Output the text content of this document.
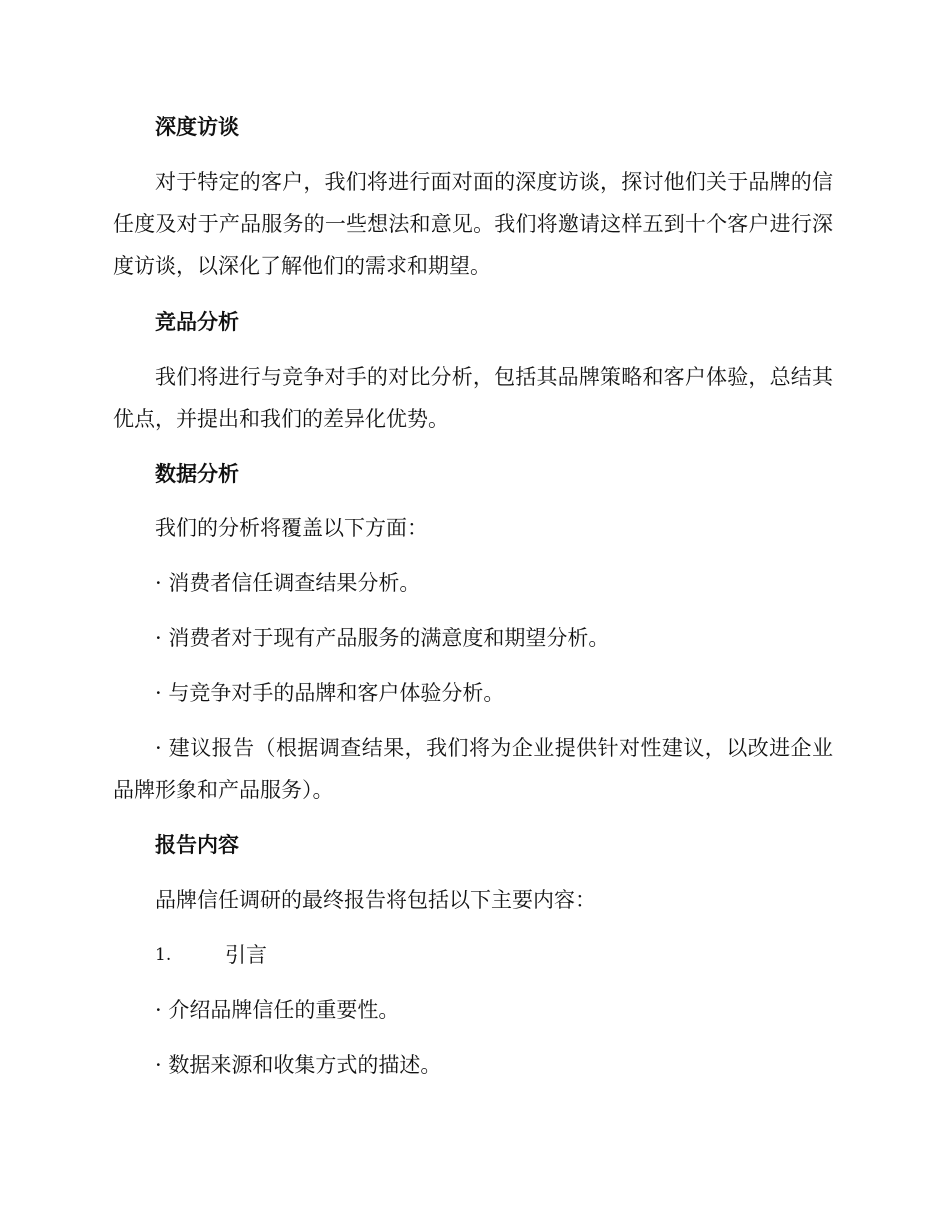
深度访谈
对于特定的客户，我们将进行面对面的深度访谈，探讨他们关于品牌的信任度及对于产品服务的一些想法和意见。我们将邀请这样五到十个客户进行深度访谈，以深化了解他们的需求和期望。
竞品分析
我们将进行与竞争对手的对比分析，包括其品牌策略和客户体验，总结其优点，并提出和我们的差异化优势。
数据分析
我们的分析将覆盖以下方面：
· 消费者信任调查结果分析。
· 消费者对于现有产品服务的满意度和期望分析。
· 与竞争对手的品牌和客户体验分析。
· 建议报告（根据调查结果，我们将为企业提供针对性建议，以改进企业品牌形象和产品服务）。
报告内容
品牌信任调研的最终报告将包括以下主要内容：
1.	引言
· 介绍品牌信任的重要性。
· 数据来源和收集方式的描述。
